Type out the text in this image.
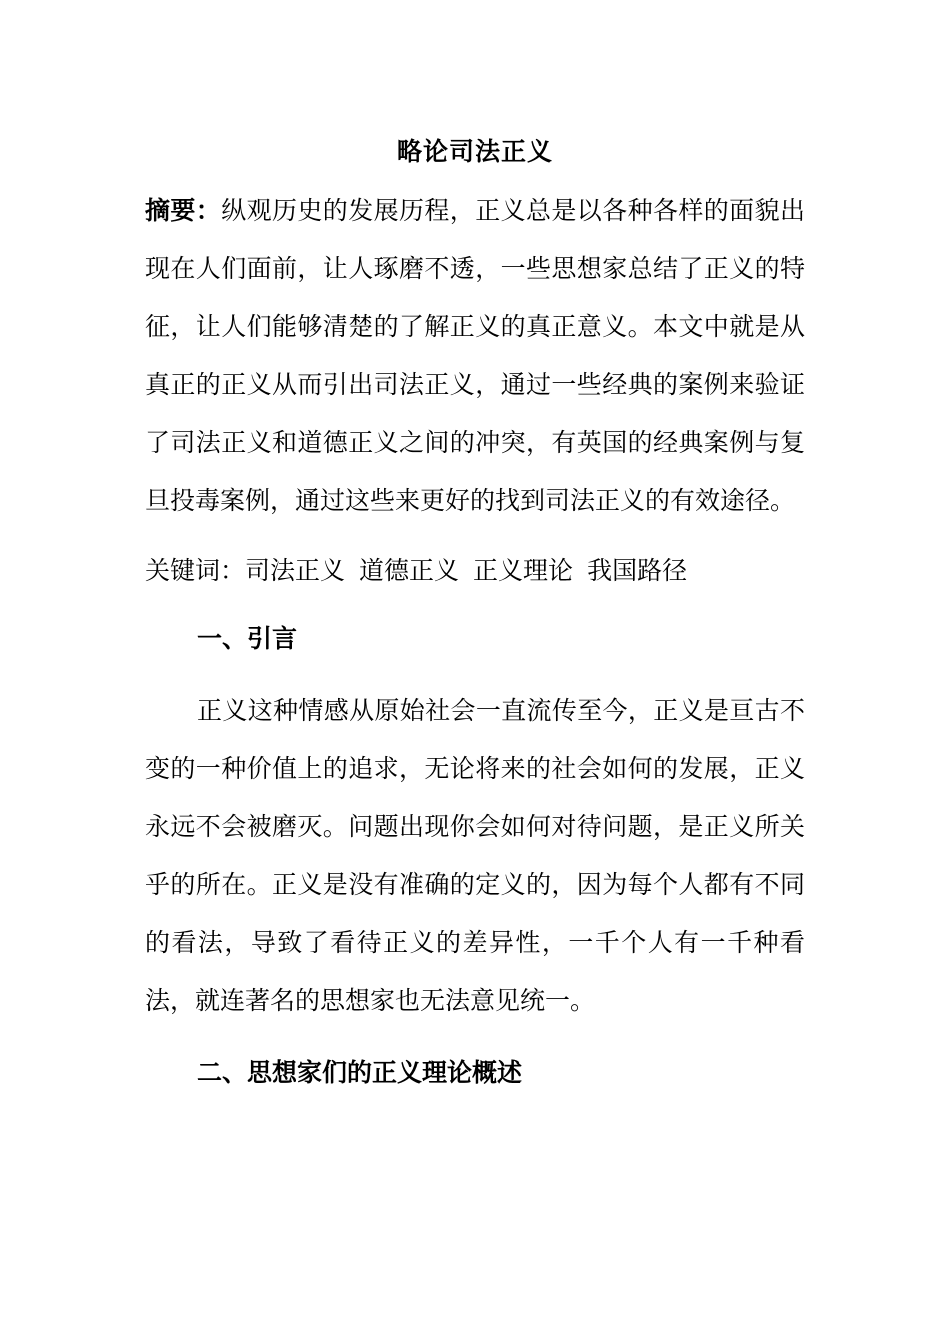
略论司法正义

摘要：纵观历史的发展历程，正义总是以各种各样的面貌出现在人们面前，让人琢磨不透，一些思想家总结了正义的特征，让人们能够清楚的了解正义的真正意义。本文中就是从真正的正义从而引出司法正义，通过一些经典的案例来验证了司法正义和道德正义之间的冲突，有英国的经典案例与复旦投毒案例，通过这些来更好的找到司法正义的有效途径。

关键词：司法正义 道德正义 正义理论 我国路径

一、引言

正义这种情感从原始社会一直流传至今，正义是亘古不变的一种价值上的追求，无论将来的社会如何的发展，正义永远不会被磨灭。问题出现你会如何对待问题，是正义所关乎的所在。正义是没有准确的定义的，因为每个人都有不同的看法，导致了看待正义的差异性，一千个人有一千种看法，就连著名的思想家也无法意见统一。

二、思想家们的正义理论概述
